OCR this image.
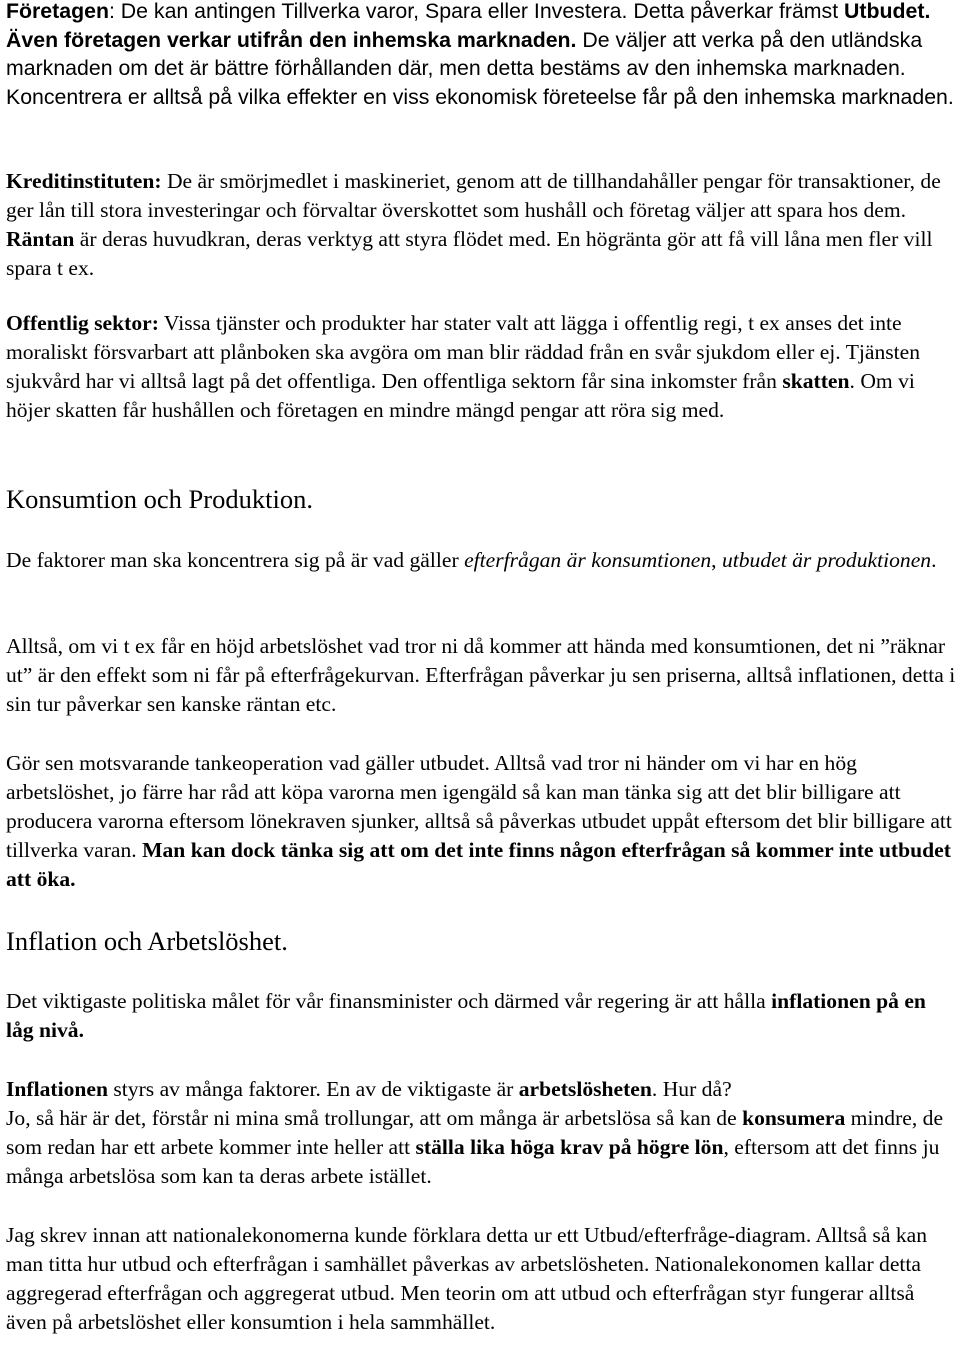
Företagen: De kan antingen Tillverka varor, Spara eller Investera. Detta påverkar främst Utbudet. Även företagen verkar utifrån den inhemska marknaden. De väljer att verka på den utländska marknaden om det är bättre förhållanden där, men detta bestäms av den inhemska marknaden. Koncentrera er alltså på vilka effekter en viss ekonomisk företeelse får på den inhemska marknaden.
Kreditinstituten: De är smörjmedlet i maskineriet, genom att de tillhandahåller pengar för transaktioner, de ger lån till stora investeringar och förvaltar överskottet som hushåll och företag väljer att spara hos dem. Räntan är deras huvudkran, deras verktyg att styra flödet med. En högränta gör att få vill låna men fler vill spara t ex.
Offentlig sektor: Vissa tjänster och produkter har stater valt att lägga i offentlig regi, t ex anses det inte moraliskt försvarbart att plånboken ska avgöra om man blir räddad från en svår sjukdom eller ej. Tjänsten sjukvård har vi alltså lagt på det offentliga. Den offentliga sektorn får sina inkomster från skatten. Om vi höjer skatten får hushållen och företagen en mindre mängd pengar att röra sig med.
Konsumtion och Produktion.
De faktorer man ska koncentrera sig på är vad gäller efterfrågan är konsumtionen, utbudet är produktionen.
Alltså, om vi t ex får en höjd arbetslöshet vad tror ni då kommer att hända med konsumtionen, det ni ”räknar ut” är den effekt som ni får på efterfrågekurvan. Efterfrågan påverkar ju sen priserna, alltså inflationen, detta i sin tur påverkar sen kanske räntan etc.
Gör sen motsvarande tankeoperation vad gäller utbudet. Alltså vad tror ni händer om vi har en hög arbetslöshet, jo färre har råd att köpa varorna men igengäld så kan man tänka sig att det blir billigare att producera varorna eftersom lönekraven sjunker, alltså så påverkas utbudet uppåt eftersom det blir billigare att tillverka varan. Man kan dock tänka sig att om det inte finns någon efterfrågan så kommer inte utbudet att öka.
Inflation och Arbetslöshet.
Det viktigaste politiska målet för vår finansminister och därmed vår regering är att hålla inflationen på en låg nivå.
Inflationen styrs av många faktorer. En av de viktigaste är arbetslösheten. Hur då?
Jo, så här är det, förstår ni mina små trollungar, att om många är arbetslösa så kan de konsumera mindre, de som redan har ett arbete kommer inte heller att ställa lika höga krav på högre lön, eftersom att det finns ju många arbetslösa som kan ta deras arbete istället.
Jag skrev innan att nationalekonomerna kunde förklara detta ur ett Utbud/efterfråge-diagram. Alltså så kan man titta hur utbud och efterfrågan i samhället påverkas av arbetslösheten. Nationalekonomen kallar detta aggregerad efterfrågan och aggregerat utbud. Men teorin om att utbud och efterfrågan styr fungerar alltså även på arbetslöshet eller konsumtion i hela sammhället.
